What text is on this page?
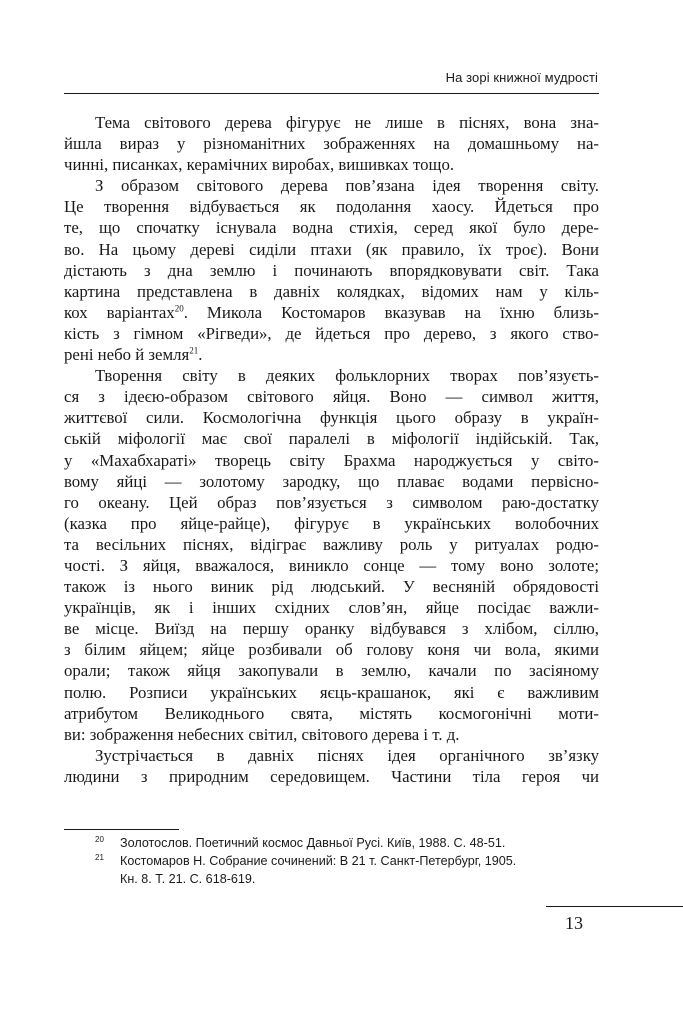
На зорі книжної мудрості
Тема світового дерева фігурує не лише в піснях, вона зна-
йшла вираз у різноманітних зображеннях на домашньому на-
чинні, писанках, керамічних виробах, вишивках тощо.
З образом світового дерева пов’язана ідея творення світу.
Це творення відбувається як подолання хаосу. Йдеться про
те, що спочатку існувала водна стихія, серед якої було дере-
во. На цьому дереві сиділи птахи (як правило, їх троє). Вони
дістають з дна землю і починають впорядковувати світ. Така
картина представлена в давніх колядках, відомих нам у кіль-
кох варіантах$^{20}$. Микола Костомаров вказував на їхню близь-
кість з гімном «Рігведи», де йдеться про дерево, з якого ство-
рені небо й земля$^{21}$.
Творення світу в деяких фольклорних творах пов’язуєть-
ся з ідеєю-образом світового яйця. Воно — символ життя,
життєвої сили. Космологічна функція цього образу в україн-
ській міфології має свої паралелі в міфології індійській. Так,
у «Махабхараті» творець світу Брахма народжується у світо-
вому яйці — золотому зародку, що плаває водами первісно-
го океану. Цей образ пов’язується з символом раю-достатку
(казка про яйце-райце), фігурує в українських волобочних
та весільних піснях, відіграє важливу роль у ритуалах родю-
чості. З яйця, вважалося, виникло сонце — тому воно золоте;
також із нього виник рід людський. У весняній обрядовості
українців, як і інших східних слов’ян, яйце посідає важли-
ве місце. Виїзд на першу оранку відбувався з хлібом, сіллю,
з білим яйцем; яйце розбивали об голову коня чи вола, якими
орали; також яйця закопували в землю, качали по засіяному
полю. Розписи українських яєць-крашанок, які є важливим
атрибутом Великоднього свята, містять космогонічні моти-
ви: зображення небесних світил, світового дерева і т. д.
Зустрічається в давніх піснях ідея органічного зв’язку
людини з природним середовищем. Частини тіла героя чи
20 Золотослов. Поетичний космос Давньої Русі. Київ, 1988. С. 48-51.
21 Костомаров Н. Собрание сочинений: В 21 т. Санкт-Петербург, 1905.
Кн. 8. Т. 21. С. 618-619.
13
